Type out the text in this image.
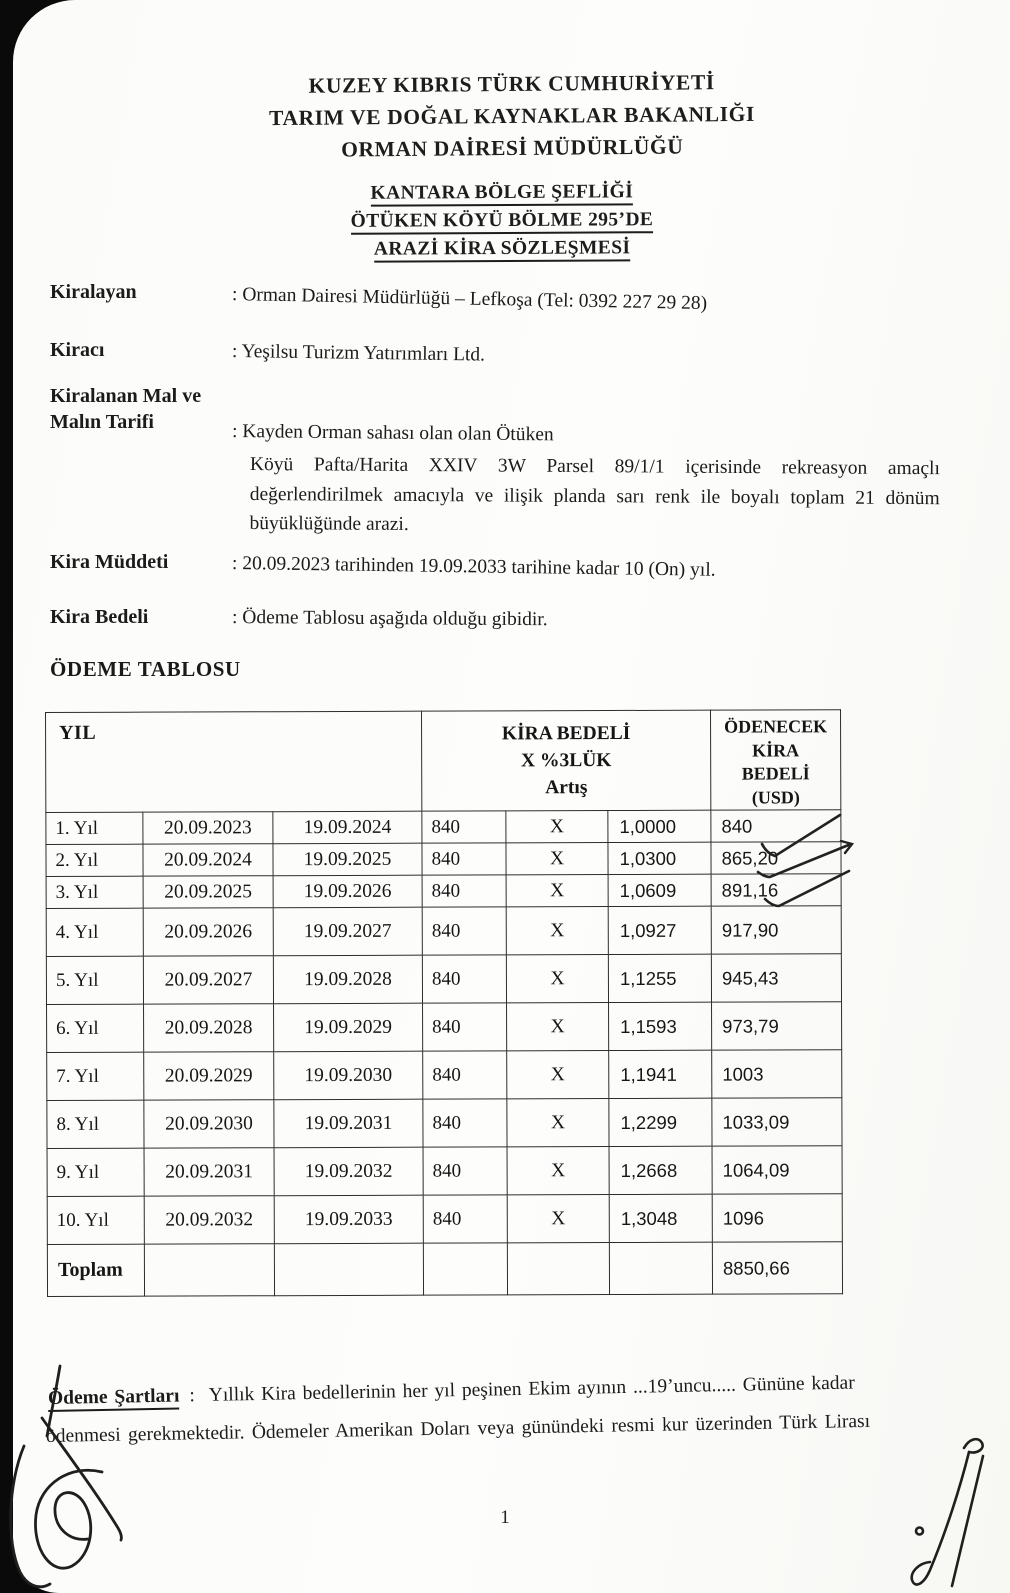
KUZEY KIBRIS TÜRK CUMHURİYETİ
TARIM VE DOĞAL KAYNAKLAR BAKANLIĞI
ORMAN DAİRESİ MÜDÜRLÜĞÜ
KANTARA BÖLGE ŞEFLİĞİ
ÖTÜKEN KÖYÜ BÖLME 295’DE
ARAZİ KİRA SÖZLEŞMESİ
Kiralayan	: Orman Dairesi Müdürlüğü – Lefkoşa (Tel: 0392 227 29 28)
Kiracı	: Yeşilsu Turizm Yatırımları Ltd.
Kiralanan Mal ve
Malın Tarifi	: Kayden Orman sahası olan olan Ötüken
Köyü Pafta/Harita XXIV 3W Parsel 89/1/1 içerisinde rekreasyon amaçlı değerlendirilmek amacıyla ve ilişik planda sarı renk ile boyalı toplam 21 dönüm büyüklüğünde arazi.
Kira Müddeti	: 20.09.2023 tarihinden 19.09.2033 tarihine kadar 10 (On) yıl.
Kira Bedeli	: Ödeme Tablosu aşağıda olduğu gibidir.
ÖDEME TABLOSU
YIL	KİRA BEDELİ
X %3LÜK
Artış

ÖDENECEK
KİRA
BEDELİ
(USD)

1. Yıl	20.09.2023	19.09.2024	840	X	1,0000	840
2. Yıl	20.09.2024	19.09.2025	840	X	1,0300	865,20
3. Yıl	20.09.2025	19.09.2026	840	X	1,0609	891,16
4. Yıl	20.09.2026	19.09.2027	840	X	1,0927	917,90
5. Yıl	20.09.2027	19.09.2028	840	X	1,1255	945,43
6. Yıl	20.09.2028	19.09.2029	840	X	1,1593	973,79
7. Yıl	20.09.2029	19.09.2030	840	X	1,1941	1003
8. Yıl	20.09.2030	19.09.2031	840	X	1,2299	1033,09
9. Yıl	20.09.2031	19.09.2032	840	X	1,2668	1064,09
10. Yıl	20.09.2032	19.09.2033	840	X	1,3048	1096
Toplam						8850,66
Ödeme Şartları : Yıllık Kira bedellerinin her yıl peşinen Ekim ayının ...19’uncu..... Gününe kadar
ödenmesi gerekmektedir. Ödemeler Amerikan Doları veya günündeki resmi kur üzerinden Türk Lirası
1
